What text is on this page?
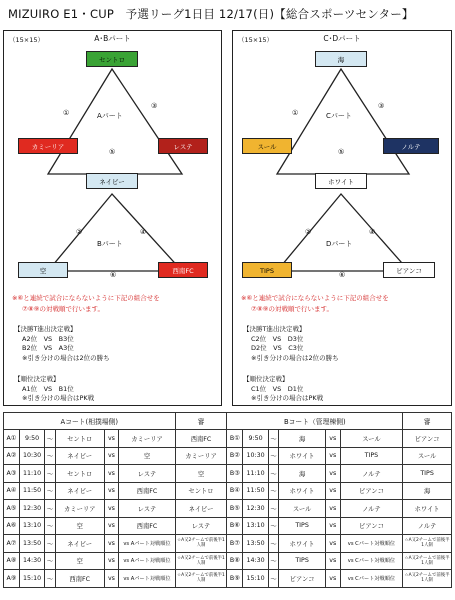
MIZUIRO E1・CUP　予選リーグ1日目 12/17(日)【総合スポーツセンター】
（15×15）	A･Bパート
セントロ
カミーリア	レステ
Aパート
①
③
⑤
ネイビー
空	西南FC
Bパート
②	④
⑥
※⑥と連続で試合にならないように下記の組合せを
⑦⑧⑨の対戦順で行います。
【決勝T進出決定戦】
A2位　VS　B3位
B2位　VS　A3位
※引き分けの場合は2位の勝ち
【順位決定戦】
A1位　VS　B1位
※引き分けの場合はPK戦
（15×15）	C･Dパート
海
スール	ノルテ
Cパート
①
③
⑤
ホワイト
TIPS	ビアンコ
Dパート
②	④
⑥
※⑥と連続で試合にならないように下記の組合せを
⑦⑧⑨の対戦順で行います。
【決勝T進出決定戦】
C2位　VS　D3位
D2位　VS　C3位
※引き分けの場合は2位の勝ち
【順位決定戦】
C1位　VS　D1位
※引き分けの場合はPK戦
Aコート(相撲場側)						審	Bコート（管理棟側)						審
A①	9:50	～	セントロ	vs	カミーリア	西南FC	B①	9:50	～	海	vs	スール	ビアンコ
A②	10:30	～	ネイビー	vs	空	カミーリア	B②	10:30	～	ホワイト	vs	TIPS	スール
A③	11:10	～	セントロ	vs	レステ	空	B③	11:10	～	海	vs	ノルテ	TIPS
A④	11:50	～	ネイビー	vs	西南FC	セントロ	B④	11:50	～	ホワイト	vs	ビアンコ	海
A⑤	12:30	～	カミーリア	vs	レステ	ネイビー	B⑤	12:30	～	スール	vs	ノルテ	ホワイト
A⑥	13:10	～	空	vs	西南FC	レステ	B⑥	13:10	～	TIPS	vs	ビアンコ	ノルテ
A⑦	13:50	～	ネイビー	vs	vs Aパート対戦順位	☆A又2チームで前後半1人制	B⑦	13:50	～	ホワイト	vs	vs Cパート対戦順位	☆A又2チームで前後半1人制
A⑧	14:30	～	空	vs	vs Aパート対戦順位	☆A又2チームで前後半1人制	B⑧	14:30	～	TIPS	vs	vs Cパート対戦順位	☆A又2チームで前後半1人制
A⑨	15:10	～	西南FC	vs	vs Aパート対戦順位	☆A又2チームで前後半1人制	B⑨	15:10	～	ビアンコ	vs	vs Cパート対戦順位	☆A又2チームで前後半1人制
